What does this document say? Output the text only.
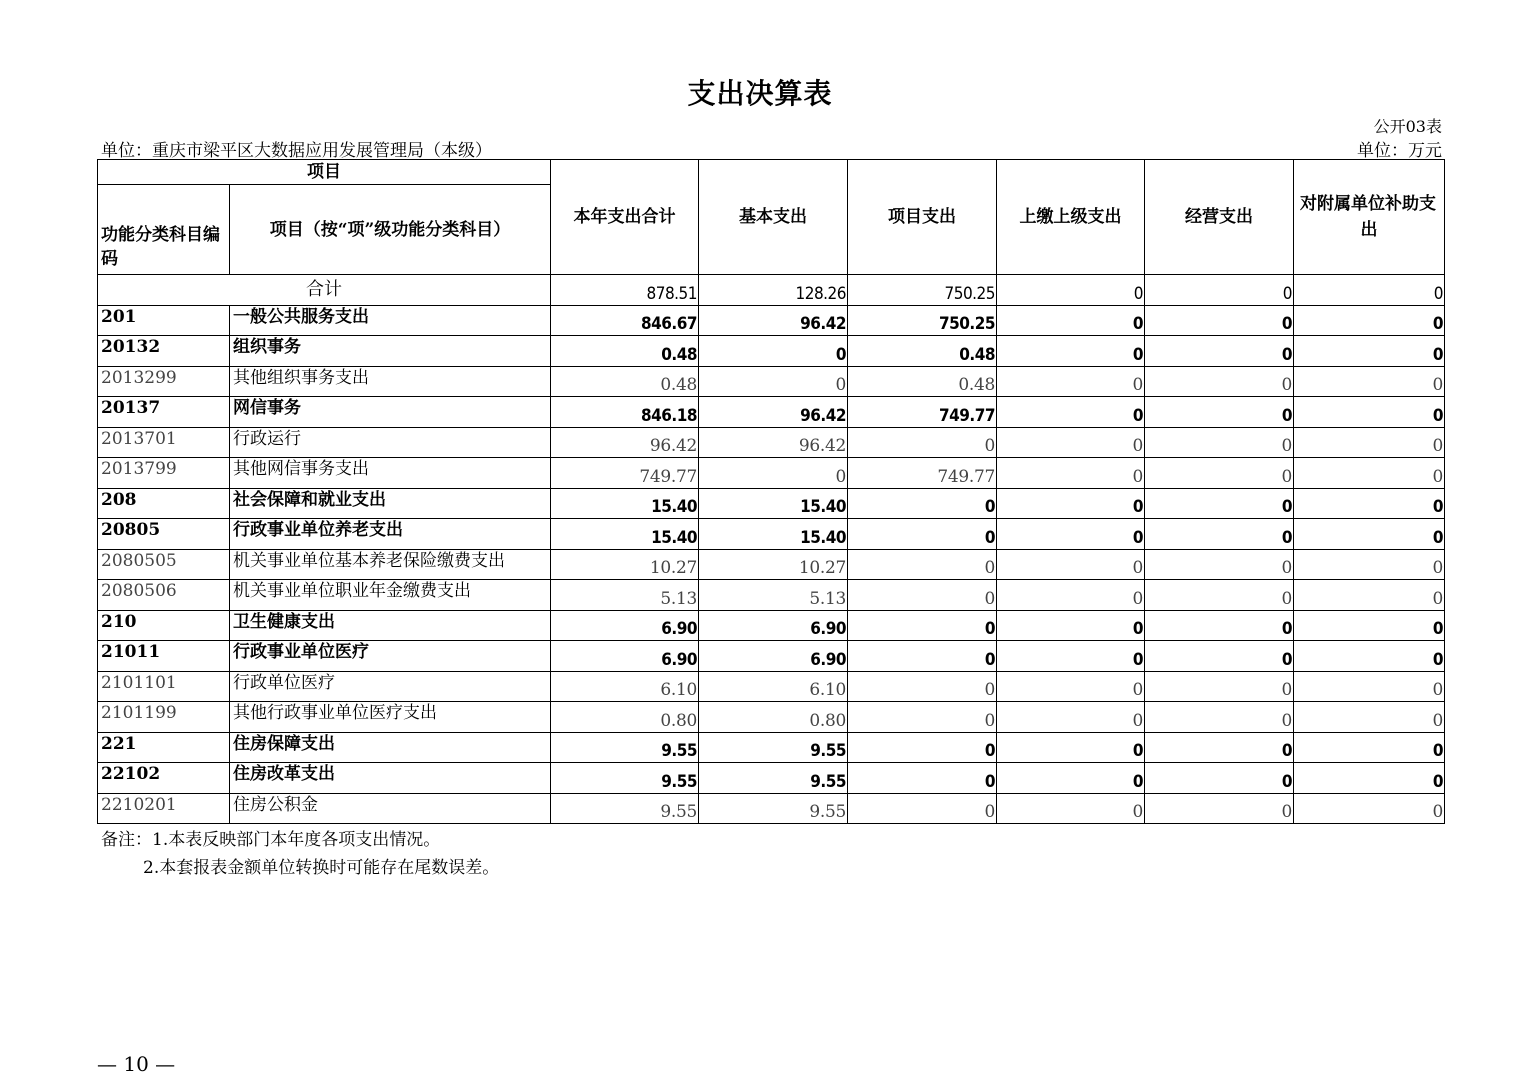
支出决算表
公开03表
单位：重庆市梁平区大数据应用发展管理局（本级）	单位：万元
项目		本年支出合计	基本支出	项目支出	上缴上级支出	经营支出	对附属单位补助支
出

功能分类科目编码	项目（按“项”级功能分类科目）						
合计		878.51	128.26	750.25	0	0	0
201	一般公共服务支出	846.67	96.42	750.25	0	0	0
20132	组织事务	0.48	0	0.48	0	0	0
2013299	其他组织事务支出	0.48	0	0.48	0	0	0
20137	网信事务	846.18	96.42	749.77	0	0	0
2013701	行政运行	96.42	96.42	0	0	0	0
2013799	其他网信事务支出	749.77	0	749.77	0	0	0
208	社会保障和就业支出	15.40	15.40	0	0	0	0
20805	行政事业单位养老支出	15.40	15.40	0	0	0	0
2080505	机关事业单位基本养老保险缴费支出	10.27	10.27	0	0	0	0
2080506	机关事业单位职业年金缴费支出	5.13	5.13	0	0	0	0
210	卫生健康支出	6.90	6.90	0	0	0	0
21011	行政事业单位医疗	6.90	6.90	0	0	0	0
2101101	行政单位医疗	6.10	6.10	0	0	0	0
2101199	其他行政事业单位医疗支出	0.80	0.80	0	0	0	0
221	住房保障支出	9.55	9.55	0	0	0	0
22102	住房改革支出	9.55	9.55	0	0	0	0
2210201	住房公积金	9.55	9.55	0	0	0	0
备注：1.本表反映部门本年度各项支出情况。
2.本套报表金额单位转换时可能存在尾数误差。
— 10 —
